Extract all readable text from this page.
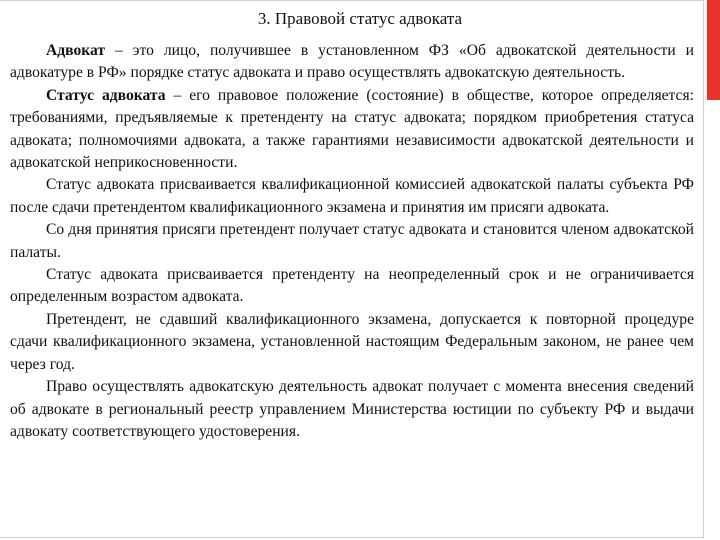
3. Правовой статус адвоката

Адвокат – это лицо, получившее в установленном ФЗ «Об адвокатской деятельности и адвокатуре в РФ» порядке статус адвоката и право осуществлять адвокатскую деятельность.

Статус адвоката – его правовое положение (состояние) в обществе, которое определяется: требованиями, предъявляемые к претенденту на статус адвоката; порядком приобретения статуса адвоката; полномочиями адвоката, а также гарантиями независимости адвокатской деятельности и адвокатской неприкосновенности.

Статус адвоката присваивается квалификационной комиссией адвокатской палаты субъекта РФ после сдачи претендентом квалификационного экзамена и принятия им присяги адвоката.

Со дня принятия присяги претендент получает статус адвоката и становится членом адвокатской палаты.

Статус адвоката присваивается претенденту на неопределенный срок и не ограничивается определенным возрастом адвоката.

Претендент, не сдавший квалификационного экзамена, допускается к повторной процедуре сдачи квалификационного экзамена, установленной настоящим Федеральным законом, не ранее чем через год.

Право осуществлять адвокатскую деятельность адвокат получает с момента внесения сведений об адвокате в региональный реестр управлением Министерства юстиции по субъекту РФ и выдачи адвокату соответствующего удостоверения.
